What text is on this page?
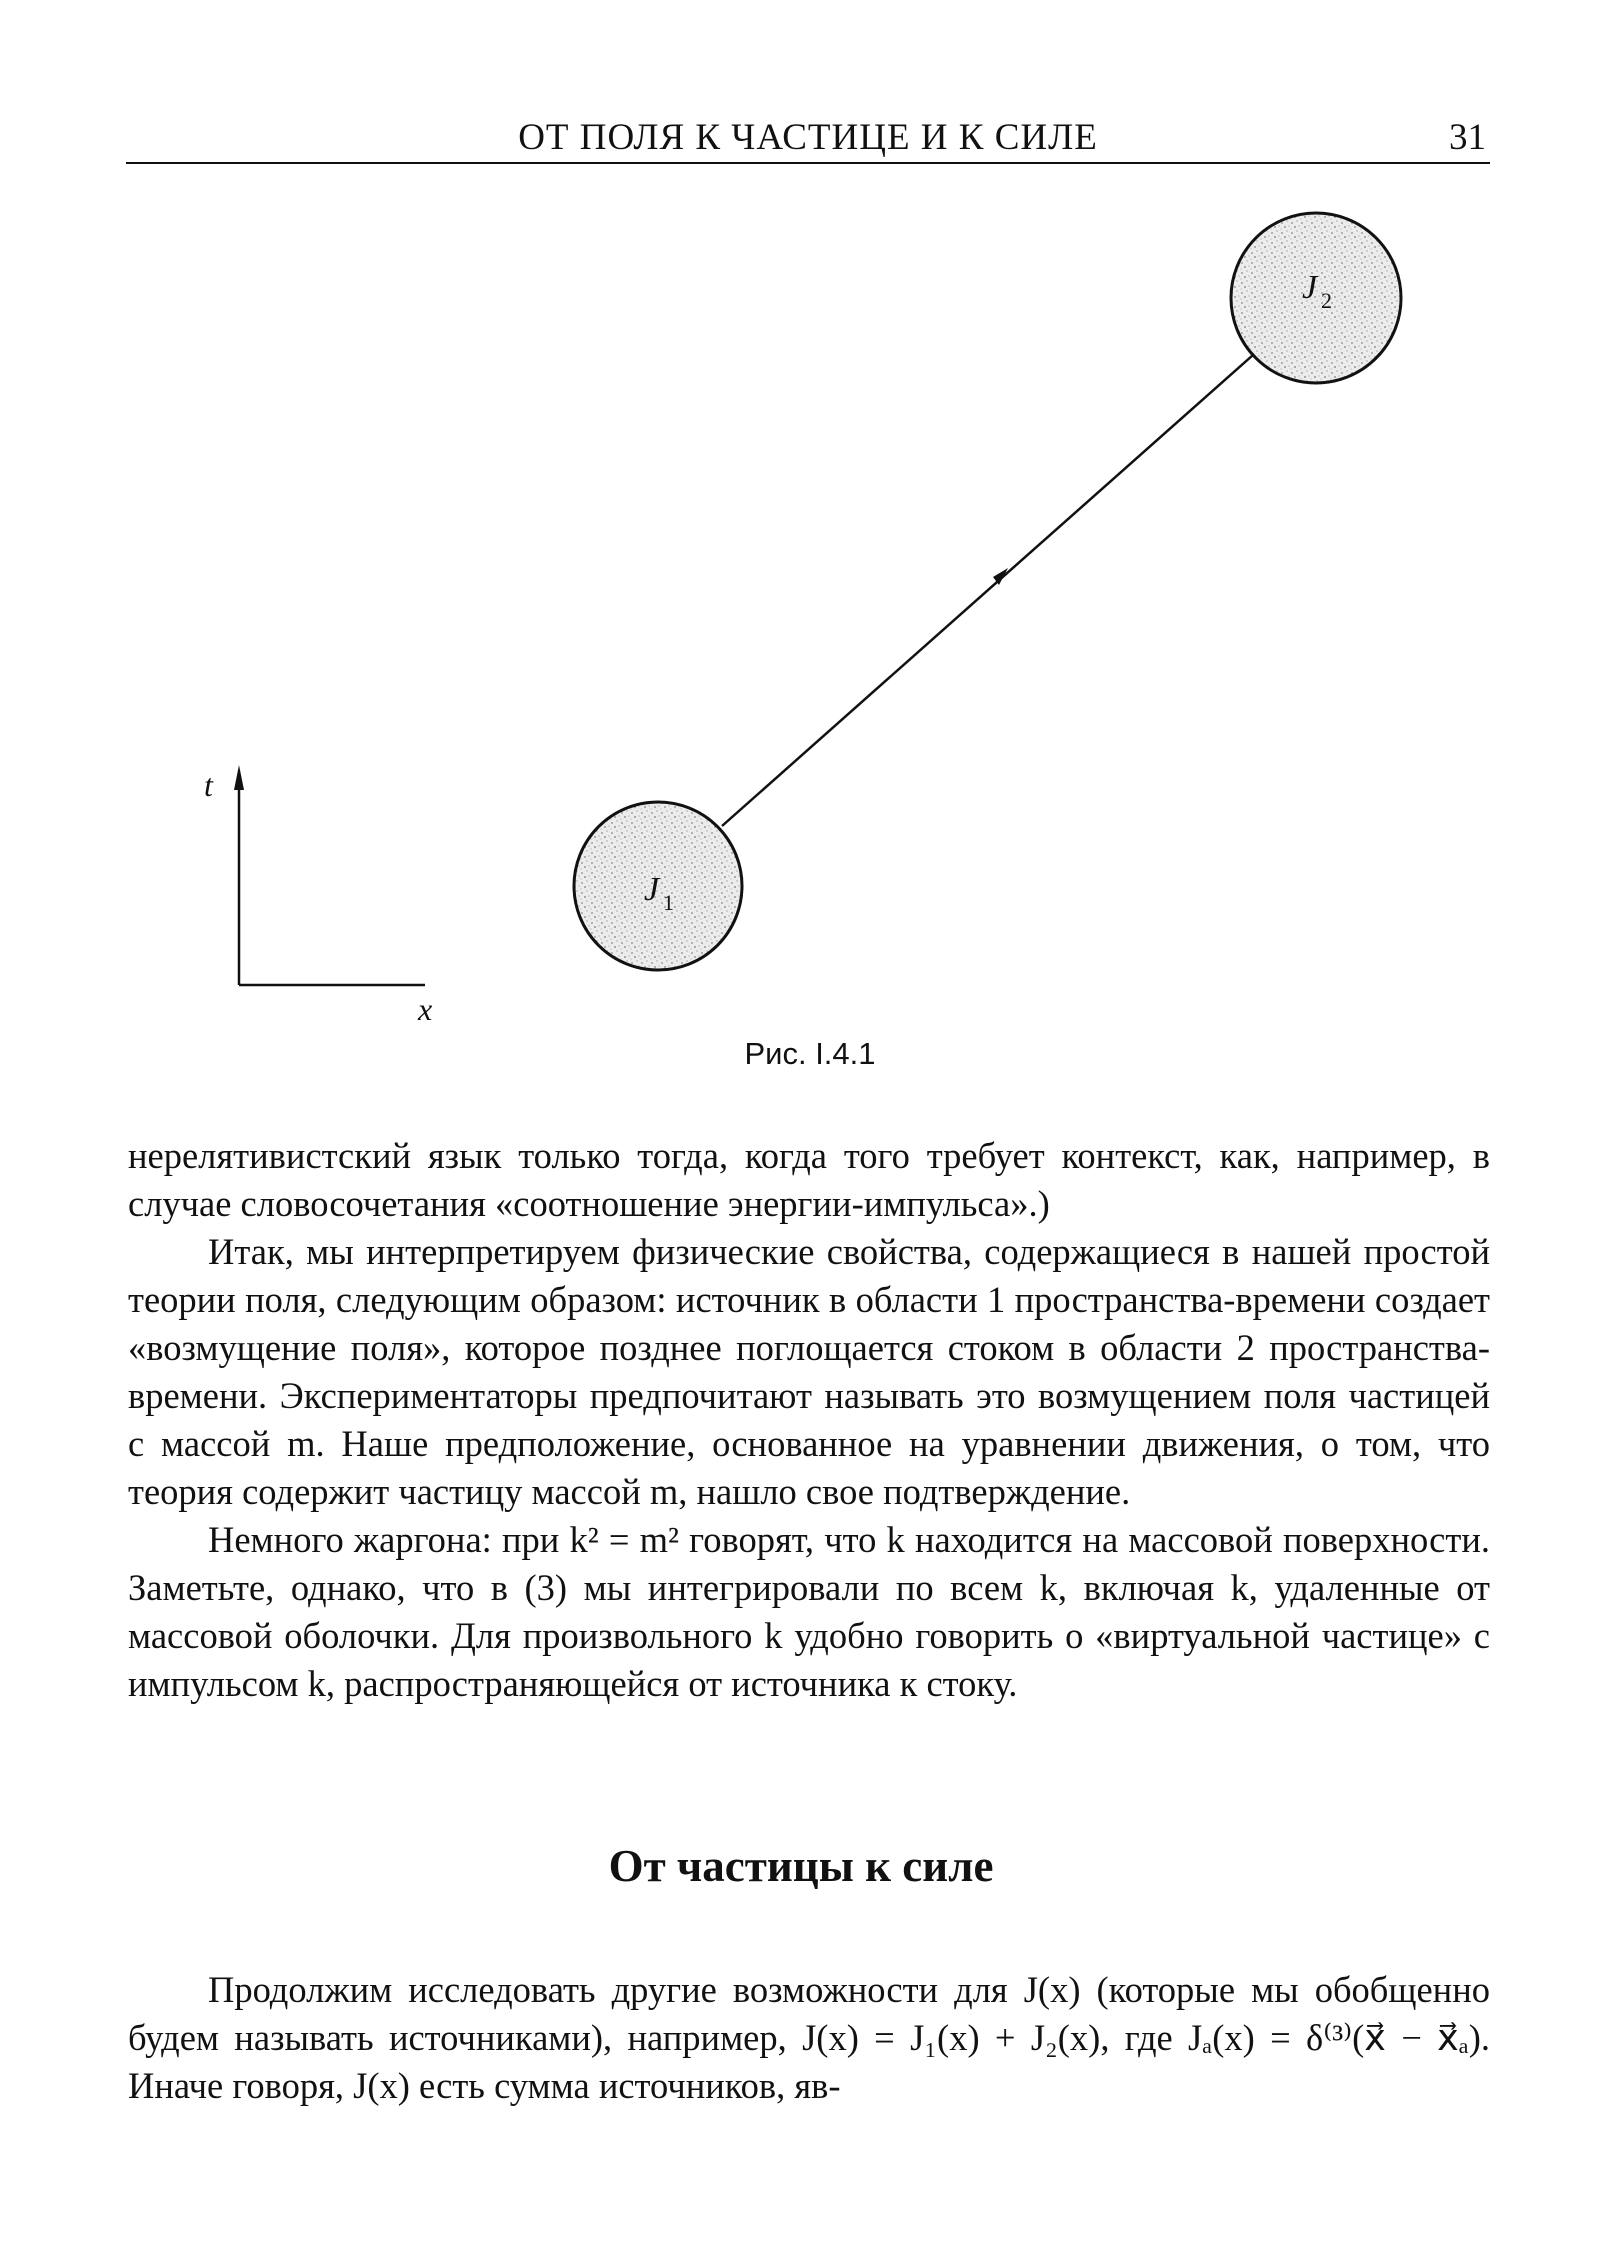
ОТ ПОЛЯ К ЧАСТИЦЕ И К СИЛЕ	31
t
x⃗
J 1
J 2
Рис. I.4.1

нерелятивистский язык только тогда, когда того требует контекст, как, например, в случае словосочетания «соотношение энергии-импульса».)

Итак, мы интерпретируем физические свойства, содержащиеся в нашей простой теории поля, следующим образом: источник в области 1 пространства-времени создает «возмущение поля», которое позднее поглощается стоком в области 2 пространства-времени. Экспериментаторы предпочитают называть это возмущением поля частицей с массой m. Наше предположение, основанное на уравнении движения, о том, что теория содержит частицу массой m, нашло свое подтверждение.

Немного жаргона: при k² = m² говорят, что k находится на массовой поверхности. Заметьте, однако, что в (3) мы интегрировали по всем k, включая k, удаленные от массовой оболочки. Для произвольного k удобно говорить о «виртуальной частице» с импульсом k, распространяющейся от источника к стоку.

От частицы к силе

Продолжим исследовать другие возможности для J(x) (которые мы обобщенно будем называть источниками), например, J(x) = J₁(x) + J₂(x), где Jₐ(x) = δ⁽³⁾(x⃗ − x⃗ₐ). Иначе говоря, J(x) есть сумма источников, яв-
